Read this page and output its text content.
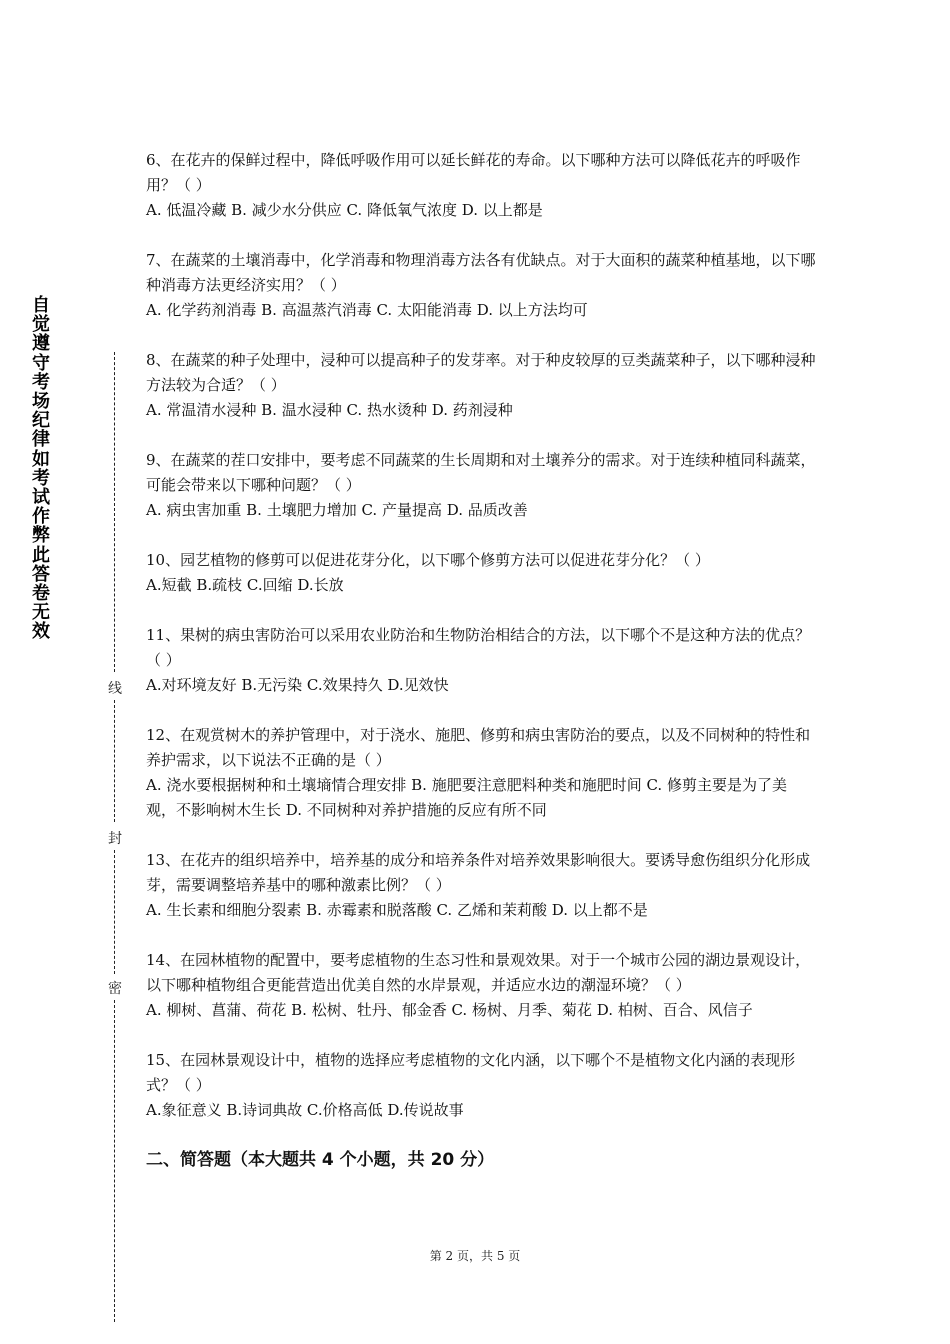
自觉遵守考场纪律如考试作弊此答卷无效
线
封
密

6、在花卉的保鲜过程中，降低呼吸作用可以延长鲜花的寿命。以下哪种方法可以降低花卉的呼吸作用？（ ）

A. 低温冷藏 B. 减少水分供应 C. 降低氧气浓度 D. 以上都是

7、在蔬菜的土壤消毒中，化学消毒和物理消毒方法各有优缺点。对于大面积的蔬菜种植基地，以下哪种消毒方法更经济实用？（ ）

A. 化学药剂消毒 B. 高温蒸汽消毒 C. 太阳能消毒 D. 以上方法均可

8、在蔬菜的种子处理中，浸种可以提高种子的发芽率。对于种皮较厚的豆类蔬菜种子，以下哪种浸种方法较为合适？（ ）

A. 常温清水浸种 B. 温水浸种 C. 热水烫种 D. 药剂浸种

9、在蔬菜的茬口安排中，要考虑不同蔬菜的生长周期和对土壤养分的需求。对于连续种植同科蔬菜，可能会带来以下哪种问题？（ ）

A. 病虫害加重 B. 土壤肥力增加 C. 产量提高 D. 品质改善

10、园艺植物的修剪可以促进花芽分化，以下哪个修剪方法可以促进花芽分化？（ ）

A.短截 B.疏枝 C.回缩 D.长放

11、果树的病虫害防治可以采用农业防治和生物防治相结合的方法，以下哪个不是这种方法的优点？（ ）

A.对环境友好 B.无污染 C.效果持久 D.见效快

12、在观赏树木的养护管理中，对于浇水、施肥、修剪和病虫害防治的要点，以及不同树种的特性和养护需求，以下说法不正确的是（ ）

A. 浇水要根据树种和土壤墒情合理安排 B. 施肥要注意肥料种类和施肥时间 C. 修剪主要是为了美观，不影响树木生长 D. 不同树种对养护措施的反应有所不同

13、在花卉的组织培养中，培养基的成分和培养条件对培养效果影响很大。要诱导愈伤组织分化形成芽，需要调整培养基中的哪种激素比例？（ ）

A. 生长素和细胞分裂素 B. 赤霉素和脱落酸 C. 乙烯和茉莉酸 D. 以上都不是

14、在园林植物的配置中，要考虑植物的生态习性和景观效果。对于一个城市公园的湖边景观设计，以下哪种植物组合更能营造出优美自然的水岸景观，并适应水边的潮湿环境？（ ）

A. 柳树、菖蒲、荷花 B. 松树、牡丹、郁金香 C. 杨树、月季、菊花 D. 柏树、百合、风信子

15、在园林景观设计中，植物的选择应考虑植物的文化内涵，以下哪个不是植物文化内涵的表现形式？（ ）

A.象征意义 B.诗词典故 C.价格高低 D.传说故事

二、简答题（本大题共 4 个小题，共 20 分）
第 2 页，共 5 页
